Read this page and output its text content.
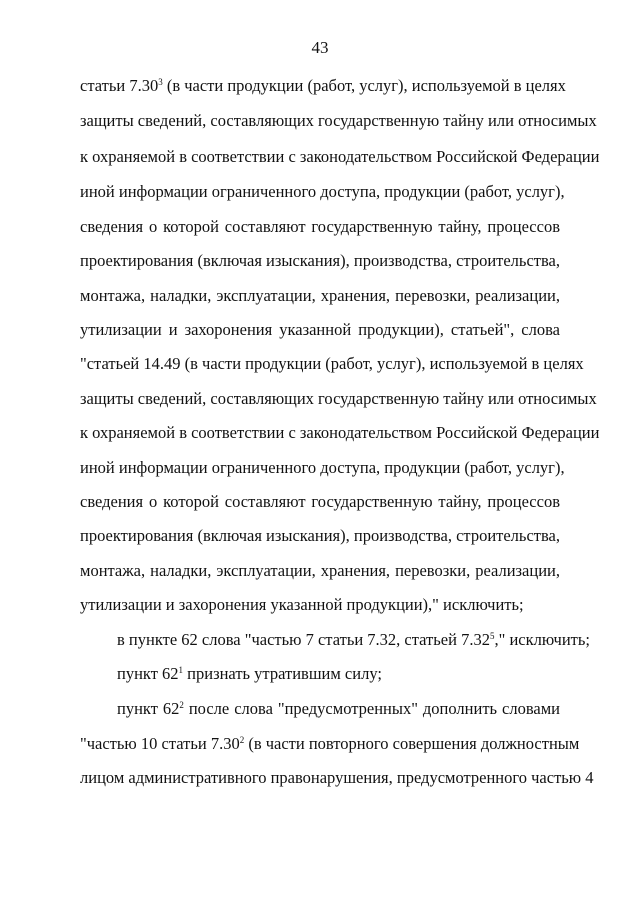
43
статьи 7.30$^3$ (в части продукции (работ, услуг), используемой в целях
защиты сведений, составляющих государственную тайну или относимых
к охраняемой в соответствии с законодательством Российской Федерации
иной информации ограниченного доступа, продукции (работ, услуг),
сведения о которой составляют государственную тайну, процессов
проектирования (включая изыскания), производства, строительства,
монтажа, наладки, эксплуатации, хранения, перевозки, реализации,
утилизации и захоронения указанной продукции), статьей", слова
"статьей 14.49 (в части продукции (работ, услуг), используемой в целях
защиты сведений, составляющих государственную тайну или относимых
к охраняемой в соответствии с законодательством Российской Федерации
иной информации ограниченного доступа, продукции (работ, услуг),
сведения о которой составляют государственную тайну, процессов
проектирования (включая изыскания), производства, строительства,
монтажа, наладки, эксплуатации, хранения, перевозки, реализации,
утилизации и захоронения указанной продукции)," исключить;
в пункте 62 слова "частью 7 статьи 7.32, статьей 7.32$^5$," исключить;
пункт $62^1$ признать утратившим силу;
пункт $62^2$ после слова "предусмотренных" дополнить словами
"частью 10 статьи 7.30$^2$ (в части повторного совершения должностным
лицом административного правонарушения, предусмотренного частью 4
